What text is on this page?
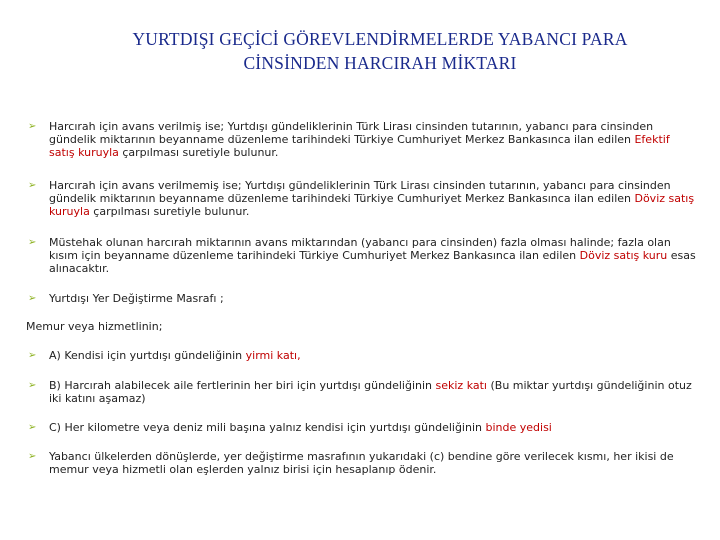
YURTDIŞI GEÇİCİ GÖREVLENDİRMELERDE YABANCI PARA
CİNSİNDEN HARCIRAH MİKTARI
➢ Harcırah için avans verilmiş ise; Yurtdışı gündeliklerinin Türk Lirası cinsinden tutarının, yabancı para cinsinden gündelik miktarının beyanname düzenleme tarihindeki Türkiye Cumhuriyet Merkez Bankasınca ilan edilen Efektif satış kuruyla çarpılması suretiyle bulunur.
➢ Harcırah için avans verilmemiş ise; Yurtdışı gündeliklerinin Türk Lirası cinsinden tutarının, yabancı para cinsinden gündelik miktarının beyanname düzenleme tarihindeki Türkiye Cumhuriyet Merkez Bankasınca ilan edilen Döviz satış kuruyla çarpılması suretiyle bulunur.
➢ Müstehak olunan harcırah miktarının avans miktarından (yabancı para cinsinden) fazla olması halinde; fazla olan kısım için beyanname düzenleme tarihindeki Türkiye Cumhuriyet Merkez Bankasınca ilan edilen Döviz satış kuru esas alınacaktır.
➢ Yurtdışı Yer Değiştirme Masrafı ;
Memur veya hizmetlinin;
➢ A) Kendisi için yurtdışı gündeliğinin yirmi katı,
➢ B) Harcırah alabilecek aile fertlerinin her biri için yurtdışı gündeliğinin sekiz katı (Bu miktar yurtdışı gündeliğinin otuz iki katını aşamaz)
➢ C) Her kilometre veya deniz mili başına yalnız kendisi için yurtdışı gündeliğinin binde yedisi
➢ Yabancı ülkelerden dönüşlerde, yer değiştirme masrafının yukarıdaki (c) bendine göre verilecek kısmı, her ikisi de memur veya hizmetli olan eşlerden yalnız birisi için hesaplanıp ödenir.
